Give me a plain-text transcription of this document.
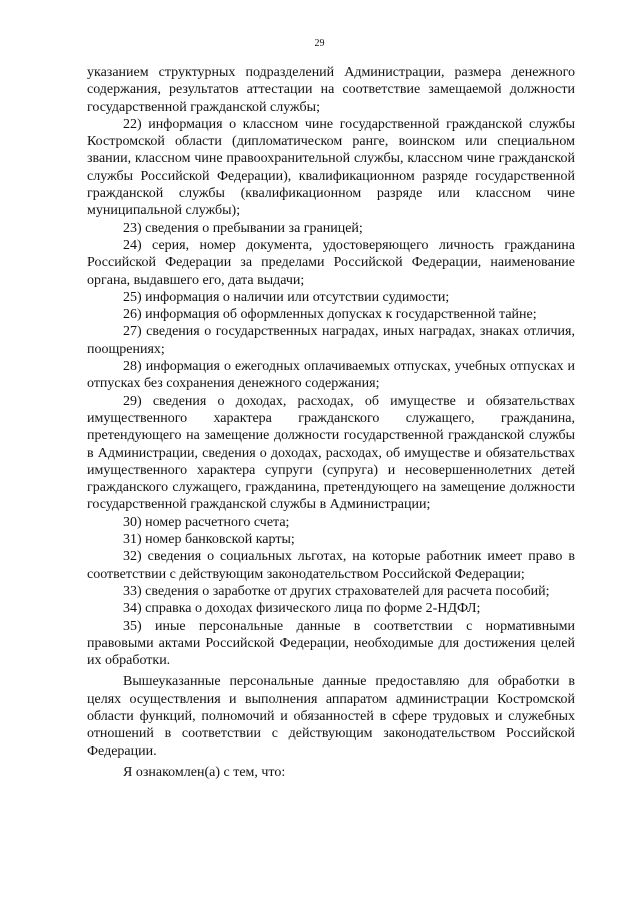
29

указанием структурных подразделений Администрации, размера денежного содержания, результатов аттестации на соответствие замещаемой должности государственной гражданской службы;

22) информация о классном чине государственной гражданской службы Костромской области (дипломатическом ранге, воинском или специальном звании, классном чине правоохранительной службы, классном чине гражданской службы Российской Федерации), квалификационном разряде государственной гражданской службы (квалификационном разряде или классном чине муниципальной службы);

23) сведения о пребывании за границей;

24) серия, номер документа, удостоверяющего личность гражданина Российской Федерации за пределами Российской Федерации, наименование органа, выдавшего его, дата выдачи;

25) информация о наличии или отсутствии судимости;

26) информация об оформленных допусках к государственной тайне;

27) сведения о государственных наградах, иных наградах, знаках отличия, поощрениях;

28) информация о ежегодных оплачиваемых отпусках, учебных отпусках и отпусках без сохранения денежного содержания;

29) сведения о доходах, расходах, об имуществе и обязательствах имущественного характера гражданского служащего, гражданина, претендующего на замещение должности государственной гражданской службы в Администрации, сведения о доходах, расходах, об имуществе и обязательствах имущественного характера супруги (супруга) и несовершеннолетних детей гражданского служащего, гражданина, претендующего на замещение должности государственной гражданской службы в Администрации;

30) номер расчетного счета;

31) номер банковской карты;

32) сведения о социальных льготах, на которые работник имеет право в соответствии с действующим законодательством Российской Федерации;

33) сведения о заработке от других страхователей для расчета пособий;

34) справка о доходах физического лица по форме 2-НДФЛ;

35) иные персональные данные в соответствии с нормативными правовыми актами Российской Федерации, необходимые для достижения целей их обработки.

Вышеуказанные персональные данные предоставляю для обработки в целях осуществления и выполнения аппаратом администрации Костромской области функций, полномочий и обязанностей в сфере трудовых и служебных отношений в соответствии с действующим законодательством Российской Федерации.

Я ознакомлен(а) с тем, что:
